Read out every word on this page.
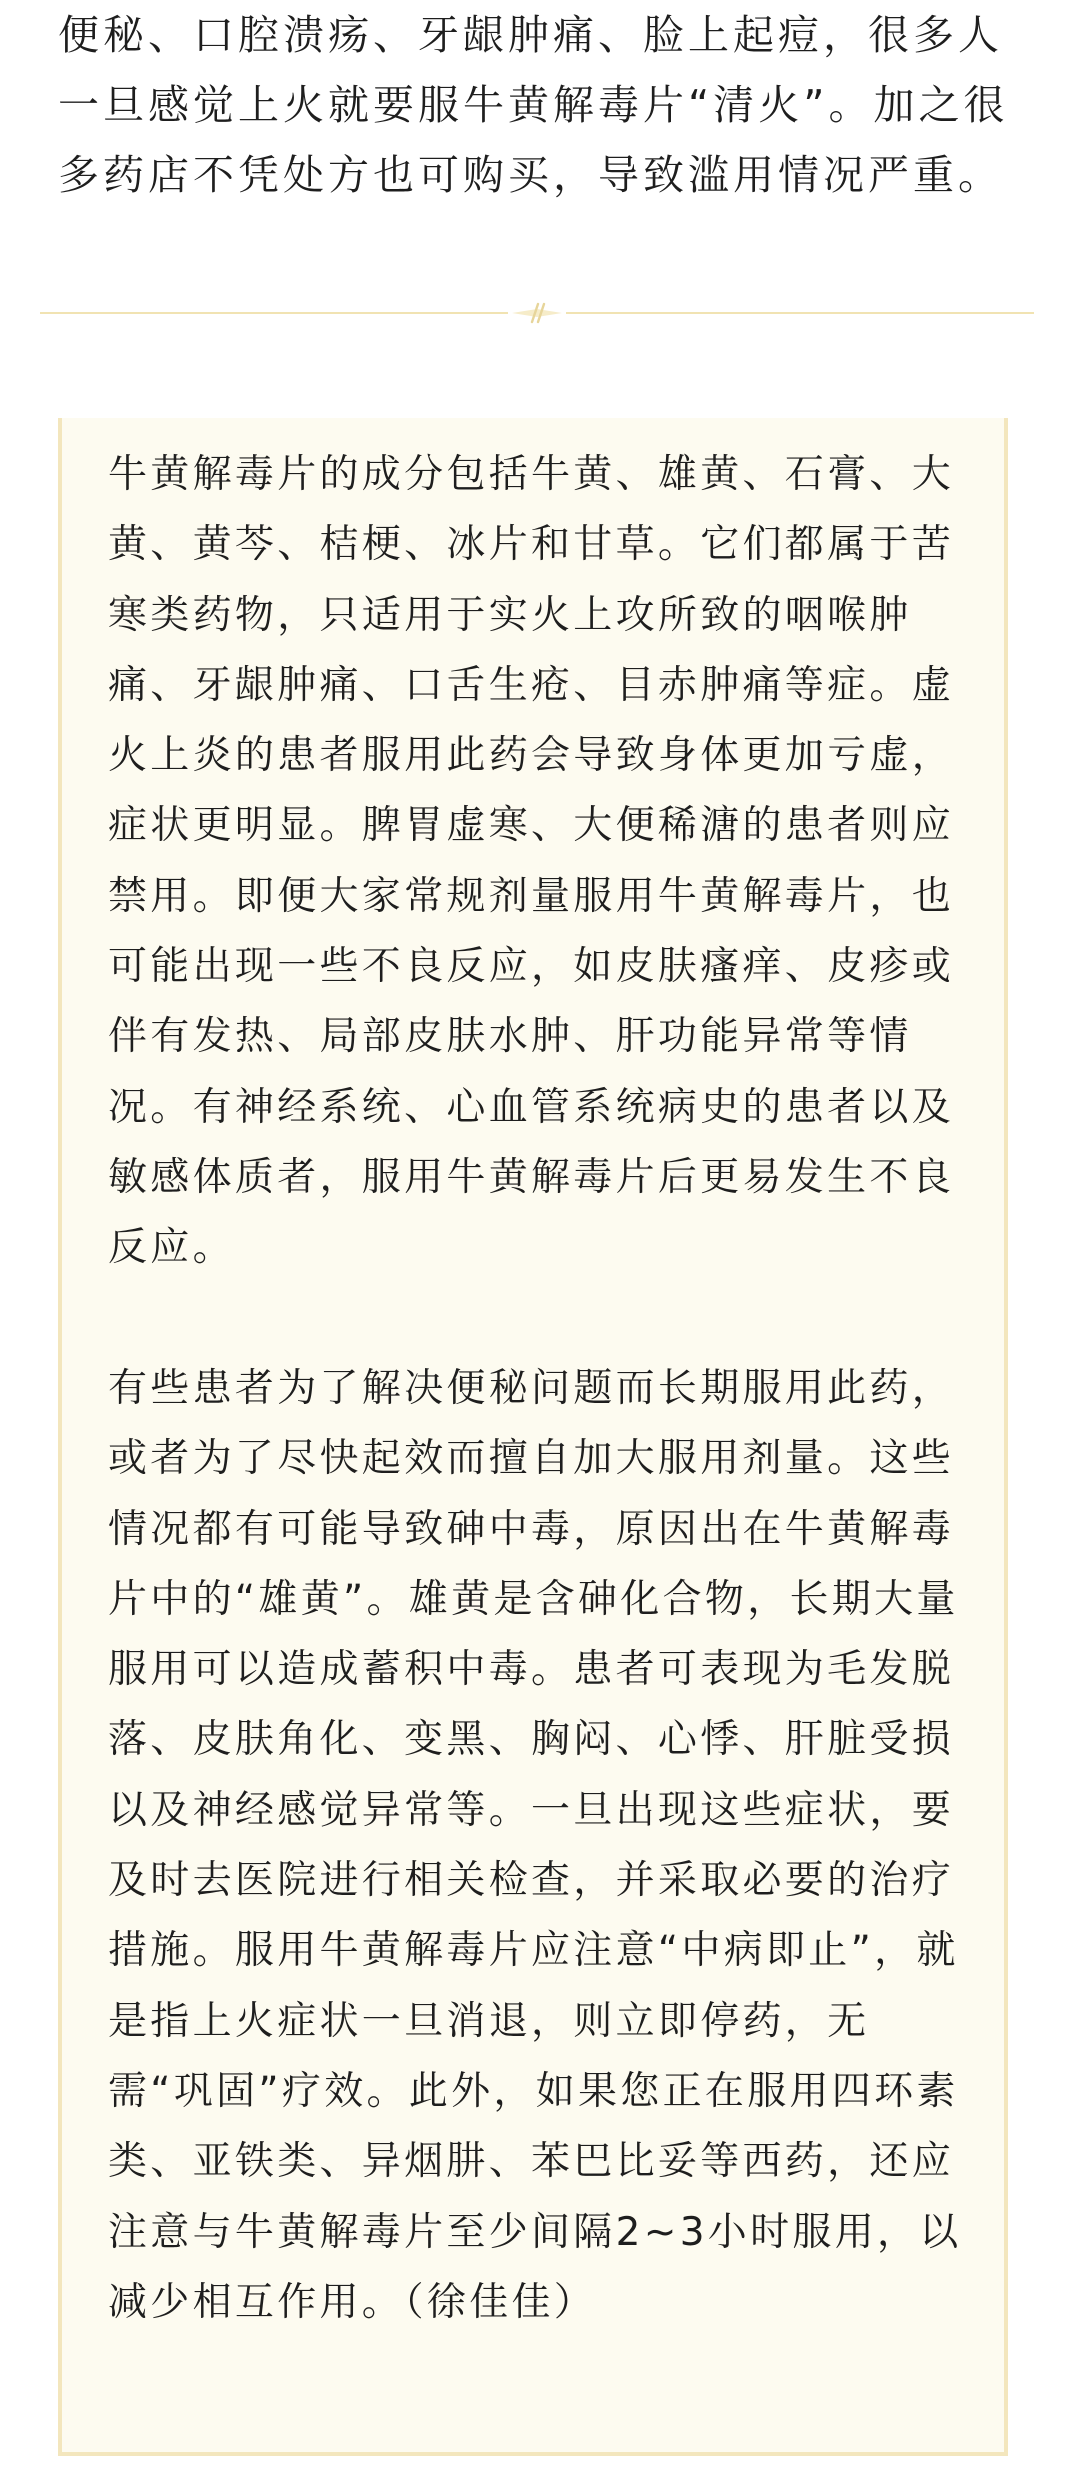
便秘、口腔溃疡、牙龈肿痛、脸上起痘，很多人一旦感觉上火就要服牛黄解毒片“清火”。加之很多药店不凭处方也可购买，导致滥用情况严重。

牛黄解毒片的成分包括牛黄、雄黄、石膏、大黄、黄芩、桔梗、冰片和甘草。它们都属于苦寒类药物，只适用于实火上攻所致的咽喉肿痛、牙龈肿痛、口舌生疮、目赤肿痛等症。虚火上炎的患者服用此药会导致身体更加亏虚，症状更明显。脾胃虚寒、大便稀溏的患者则应禁用。即便大家常规剂量服用牛黄解毒片，也可能出现一些不良反应，如皮肤瘙痒、皮疹或伴有发热、局部皮肤水肿、肝功能异常等情况。有神经系统、心血管系统病史的患者以及敏感体质者，服用牛黄解毒片后更易发生不良反应。

有些患者为了解决便秘问题而长期服用此药，或者为了尽快起效而擅自加大服用剂量。这些情况都有可能导致砷中毒，原因出在牛黄解毒片中的“雄黄”。雄黄是含砷化合物，长期大量服用可以造成蓄积中毒。患者可表现为毛发脱落、皮肤角化、变黑、胸闷、心悸、肝脏受损以及神经感觉异常等。一旦出现这些症状，要及时去医院进行相关检查，并采取必要的治疗措施。服用牛黄解毒片应注意“中病即止”，就是指上火症状一旦消退，则立即停药，无需“巩固”疗效。此外，如果您正在服用四环素类、亚铁类、异烟肼、苯巴比妥等西药，还应注意与牛黄解毒片至少间隔2~3小时服用，以减少相互作用。（徐佳佳）
